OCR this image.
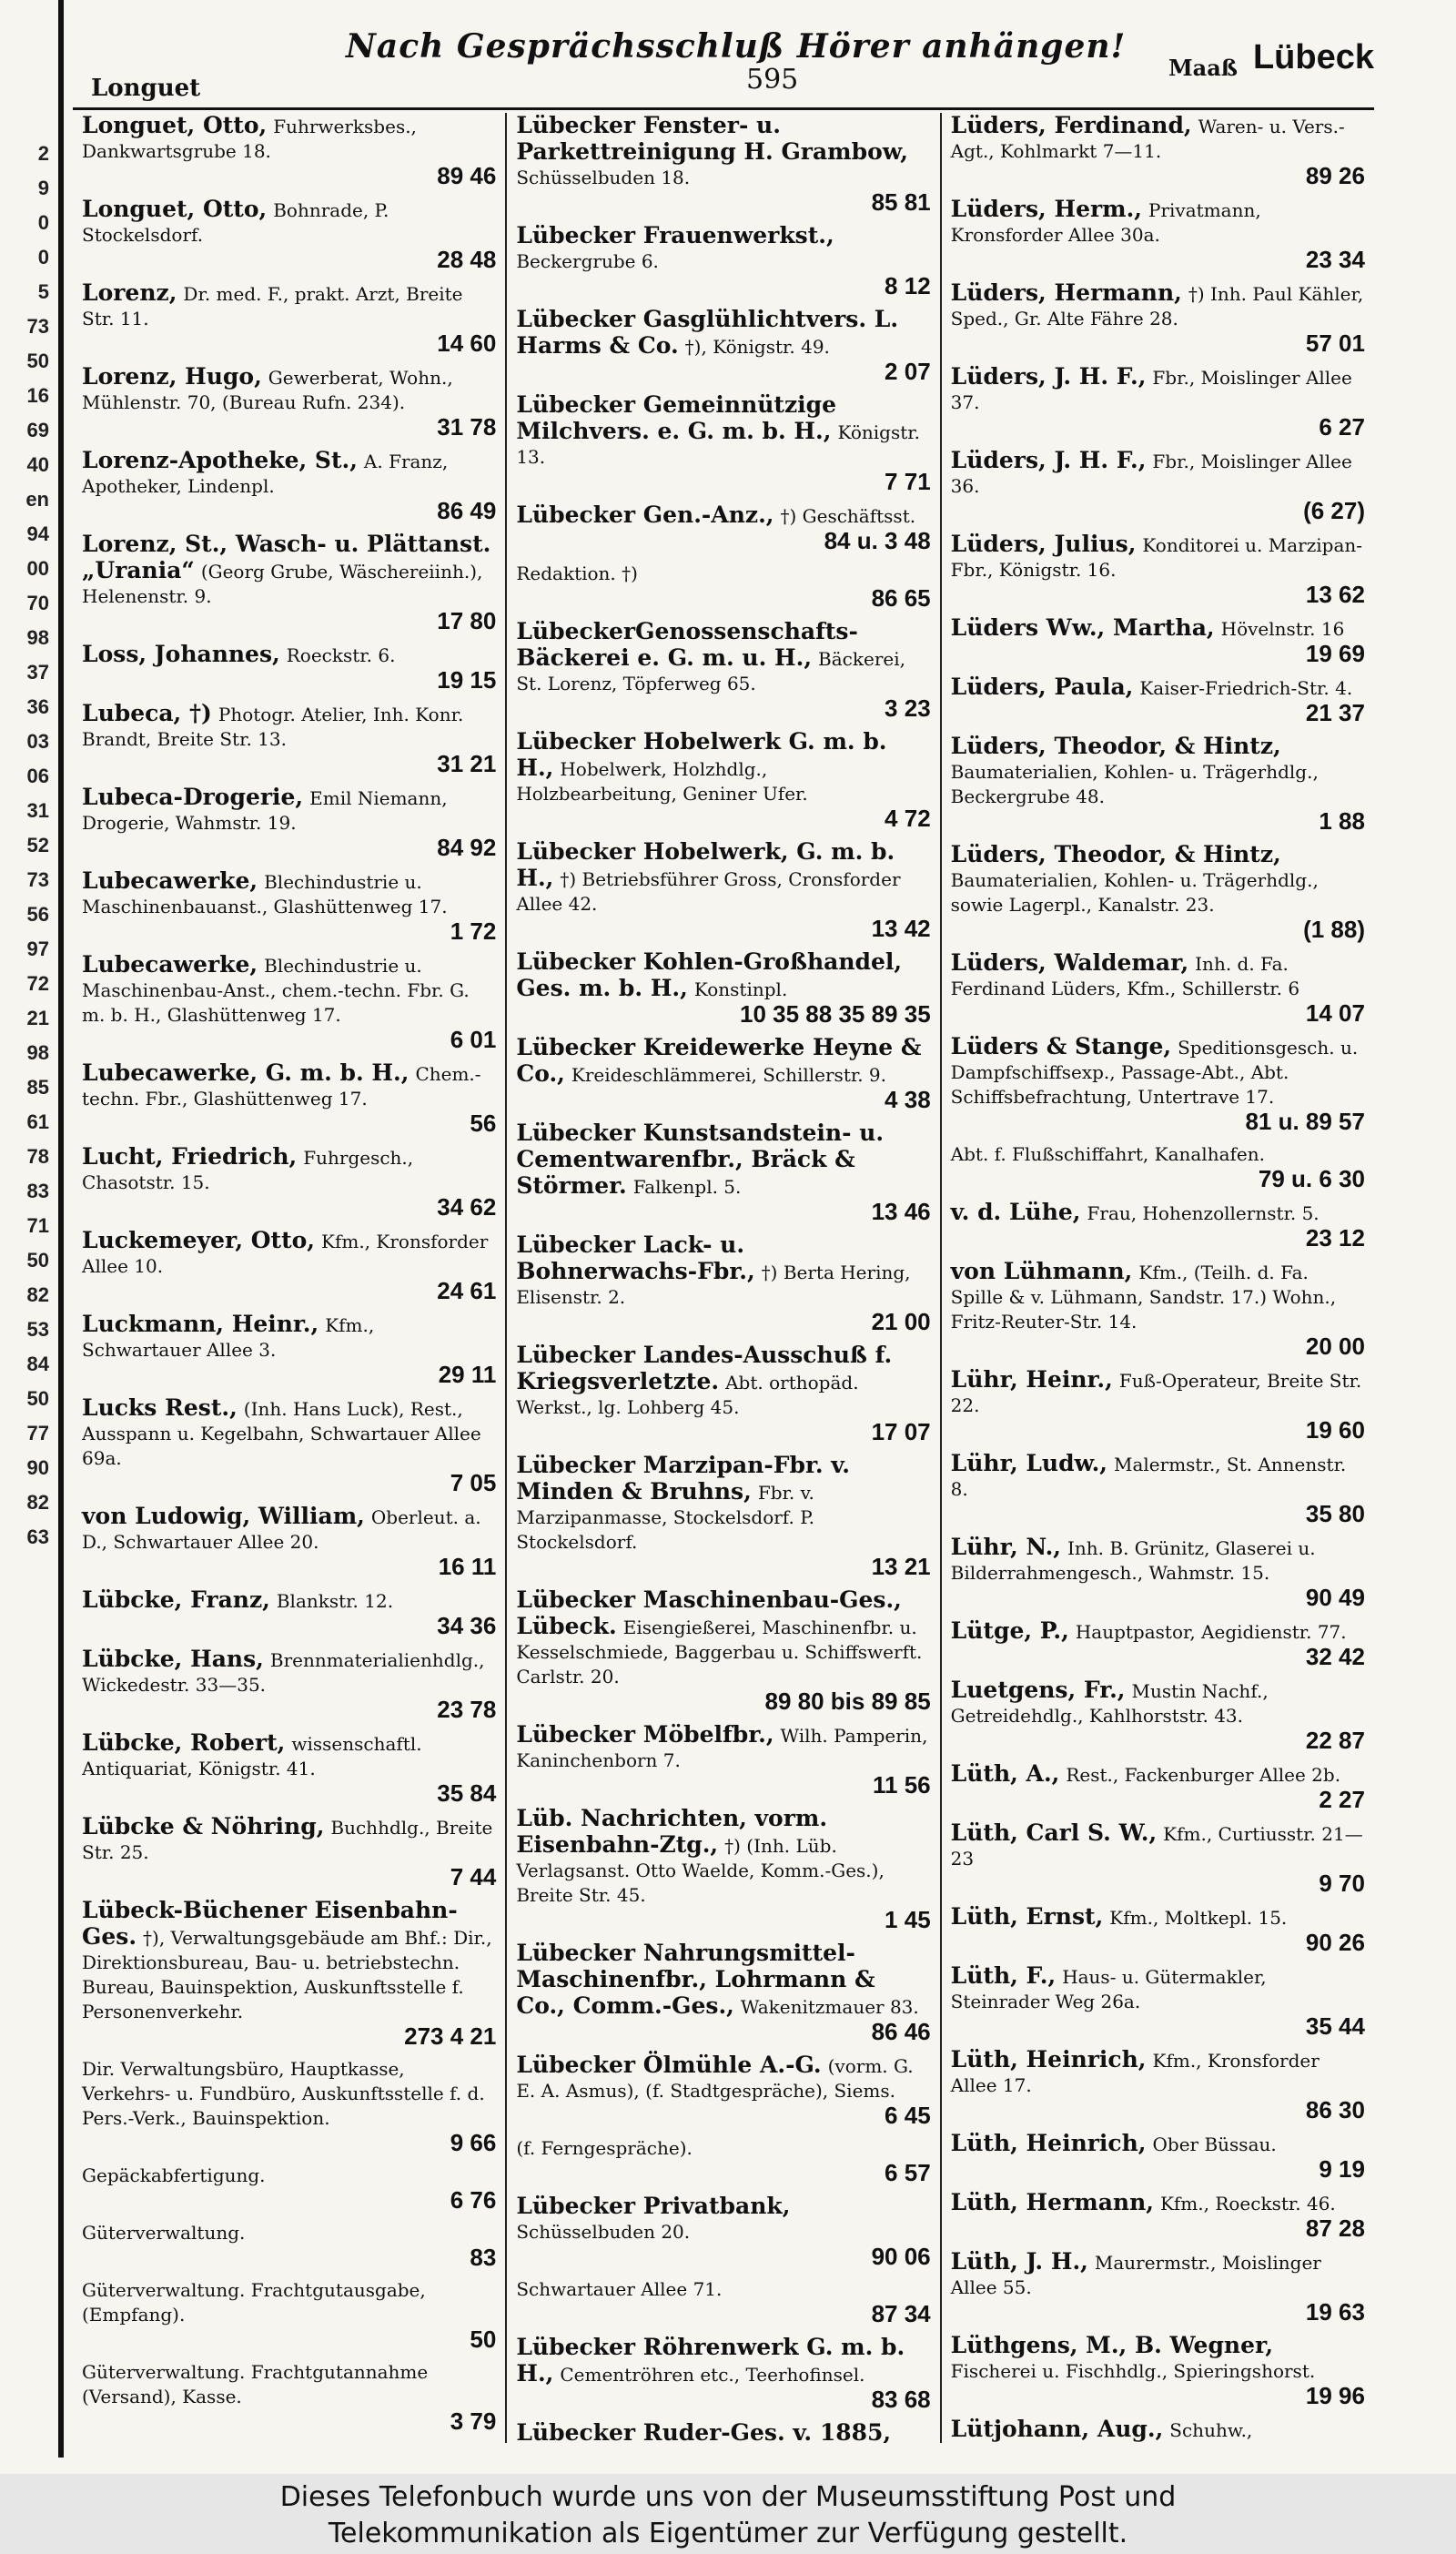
2
9
0
0
5
73
50
16
69
40
en
94
00
70
98
37
36
03
06
31
52
73
56
97
72
21
98
85
61
78
83
71
50
82
53
84
50
77
90
82
63
Nach Gesprächsschluß Hörer anhängen!
595
Longuet
Maaß Lübeck
Longuet, Otto, Fuhrwerksbes., Dankwartsgrube 18.
89 46
Longuet, Otto, Bohnrade, P. Stockelsdorf.
28 48
Lorenz, Dr. med. F., prakt. Arzt, Breite Str. 11.
14 60
Lorenz, Hugo, Gewerberat, Wohn., Mühlenstr. 70, (Bureau Rufn. 234).
31 78
Lorenz-Apotheke, St., A. Franz, Apotheker, Lindenpl.
86 49
Lorenz, St., Wasch- u. Plättanst. „Urania“ (Georg Grube, Wäschereiinh.), Helenenstr. 9.
17 80
Loss, Johannes, Roeckstr. 6.
19 15
Lubeca, †) Photogr. Atelier, Inh. Konr. Brandt, Breite Str. 13.
31 21
Lubeca-Drogerie, Emil Niemann, Drogerie, Wahmstr. 19.
84 92
Lubecawerke, Blechindustrie u. Maschinenbauanst., Glashüttenweg 17.
1 72
Lubecawerke, Blechindustrie u. Maschinenbau-Anst., chem.-techn. Fbr. G. m. b. H., Glashüttenweg 17.
6 01
Lubecawerke, G. m. b. H., Chem.-techn. Fbr., Glashüttenweg 17.
56
Lucht, Friedrich, Fuhrgesch., Chasotstr. 15.
34 62
Luckemeyer, Otto, Kfm., Kronsforder Allee 10.
24 61
Luckmann, Heinr., Kfm., Schwartauer Allee 3.
29 11
Lucks Rest., (Inh. Hans Luck), Rest., Ausspann u. Kegelbahn, Schwartauer Allee 69a.
7 05
von Ludowig, William, Oberleut. a. D., Schwartauer Allee 20.
16 11
Lübcke, Franz, Blankstr. 12.
34 36
Lübcke, Hans, Brennmaterialienhdlg., Wickedestr. 33—35.
23 78
Lübcke, Robert, wissenschaftl. Antiquariat, Königstr. 41.
35 84
Lübcke & Nöhring, Buchhdlg., Breite Str. 25.
7 44
Lübeck-Büchener Eisenbahn-Ges. †), Verwaltungsgebäude am Bhf.: Dir., Direktionsbureau, Bau- u. betriebstechn. Bureau, Bauinspektion, Auskunftsstelle f. Personenverkehr.
273 4 21
Dir. Verwaltungsbüro, Hauptkasse, Verkehrs- u. Fundbüro, Auskunftsstelle f. d. Pers.-Verk., Bauinspektion.
9 66
Gepäckabfertigung.
6 76
Güterverwaltung.
83
Güterverwaltung. Frachtgutausgabe, (Empfang).
50
Güterverwaltung. Frachtgutannahme (Versand), Kasse.
3 79
Lübecker Fenster- u. Parkettreinigung H. Grambow, Schüsselbuden 18.
85 81
Lübecker Frauenwerkst., Beckergrube 6.
8 12
Lübecker Gasglühlichtvers. L. Harms & Co. †), Königstr. 49.
2 07
Lübecker Gemeinnützige Milchvers. e. G. m. b. H., Königstr. 13.
7 71
Lübecker Gen.-Anz., †) Geschäftsst.
84 u. 3 48
Redaktion. †)
86 65
LübeckerGenossenschafts-Bäckerei e. G. m. u. H., Bäckerei, St. Lorenz, Töpferweg 65.
3 23
Lübecker Hobelwerk G. m. b. H., Hobelwerk, Holzhdlg., Holzbearbeitung, Geniner Ufer.
4 72
Lübecker Hobelwerk, G. m. b. H., †) Betriebsführer Gross, Cronsforder Allee 42.
13 42
Lübecker Kohlen-Großhandel, Ges. m. b. H., Konstinpl.
10 35 88 35 89 35
Lübecker Kreidewerke Heyne & Co., Kreideschlämmerei, Schillerstr. 9.
4 38
Lübecker Kunstsandstein- u. Cementwarenfbr., Bräck & Störmer. Falkenpl. 5.
13 46
Lübecker Lack- u. Bohnerwachs-Fbr., †) Berta Hering, Elisenstr. 2.
21 00
Lübecker Landes-Ausschuß f. Kriegsverletzte. Abt. orthopäd. Werkst., lg. Lohberg 45.
17 07
Lübecker Marzipan-Fbr. v. Minden & Bruhns, Fbr. v. Marzipanmasse, Stockelsdorf. P. Stockelsdorf.
13 21
Lübecker Maschinenbau-Ges., Lübeck. Eisengießerei, Maschinenfbr. u. Kesselschmiede, Baggerbau u. Schiffswerft. Carlstr. 20.
89 80 bis 89 85
Lübecker Möbelfbr., Wilh. Pamperin, Kaninchenborn 7.
11 56
Lüb. Nachrichten, vorm. Eisenbahn-Ztg., †) (Inh. Lüb. Verlagsanst. Otto Waelde, Komm.-Ges.), Breite Str. 45.
1 45
Lübecker Nahrungsmittel-Maschinenfbr., Lohrmann & Co., Comm.-Ges., Wakenitzmauer 83.
86 46
Lübecker Ölmühle A.-G. (vorm. G. E. A. Asmus), (f. Stadtgespräche), Siems.
6 45
(f. Ferngespräche).
6 57
Lübecker Privatbank, Schüsselbuden 20.
90 06
Schwartauer Allee 71.
87 34
Lübecker Röhrenwerk G. m. b. H., Cementröhren etc., Teerhofinsel.
83 68
Lübecker Ruder-Ges. v. 1885,
Lüders, Ferdinand, Waren- u. Vers.-Agt., Kohlmarkt 7—11.
89 26
Lüders, Herm., Privatmann, Kronsforder Allee 30a.
23 34
Lüders, Hermann, †) Inh. Paul Kähler, Sped., Gr. Alte Fähre 28.
57 01
Lüders, J. H. F., Fbr., Moislinger Allee 37.
6 27
Lüders, J. H. F., Fbr., Moislinger Allee 36.
(6 27)
Lüders, Julius, Konditorei u. Marzipan-Fbr., Königstr. 16.
13 62
Lüders Ww., Martha, Hövelnstr. 16
19 69
Lüders, Paula, Kaiser-Friedrich-Str. 4.
21 37
Lüders, Theodor, & Hintz, Baumaterialien, Kohlen- u. Trägerhdlg., Beckergrube 48.
1 88
Lüders, Theodor, & Hintz, Baumaterialien, Kohlen- u. Trägerhdlg., sowie Lagerpl., Kanalstr. 23.
(1 88)
Lüders, Waldemar, Inh. d. Fa. Ferdinand Lüders, Kfm., Schillerstr. 6
14 07
Lüders & Stange, Speditionsgesch. u. Dampfschiffsexp., Passage-Abt., Abt. Schiffsbefrachtung, Untertrave 17.
81 u. 89 57
Abt. f. Flußschiffahrt, Kanalhafen.
79 u. 6 30
v. d. Lühe, Frau, Hohenzollernstr. 5.
23 12
von Lühmann, Kfm., (Teilh. d. Fa. Spille & v. Lühmann, Sandstr. 17.) Wohn., Fritz-Reuter-Str. 14.
20 00
Lühr, Heinr., Fuß-Operateur, Breite Str. 22.
19 60
Lühr, Ludw., Malermstr., St. Annenstr. 8.
35 80
Lühr, N., Inh. B. Grünitz, Glaserei u. Bilderrahmengesch., Wahmstr. 15.
90 49
Lütge, P., Hauptpastor, Aegidienstr. 77.
32 42
Luetgens, Fr., Mustin Nachf., Getreidehdlg., Kahlhorststr. 43.
22 87
Lüth, A., Rest., Fackenburger Allee 2b.
2 27
Lüth, Carl S. W., Kfm., Curtiusstr. 21—23
9 70
Lüth, Ernst, Kfm., Moltkepl. 15.
90 26
Lüth, F., Haus- u. Gütermakler, Steinrader Weg 26a.
35 44
Lüth, Heinrich, Kfm., Kronsforder Allee 17.
86 30
Lüth, Heinrich, Ober Büssau.
9 19
Lüth, Hermann, Kfm., Roeckstr. 46.
87 28
Lüth, J. H., Maurermstr., Moislinger Allee 55.
19 63
Lüthgens, M., B. Wegner, Fischerei u. Fischhdlg., Spieringshorst.
19 96
Lütjohann, Aug., Schuhw.,
Dieses Telefonbuch wurde uns von der Museumsstiftung Post und
Telekommunikation als Eigentümer zur Verfügung gestellt.
